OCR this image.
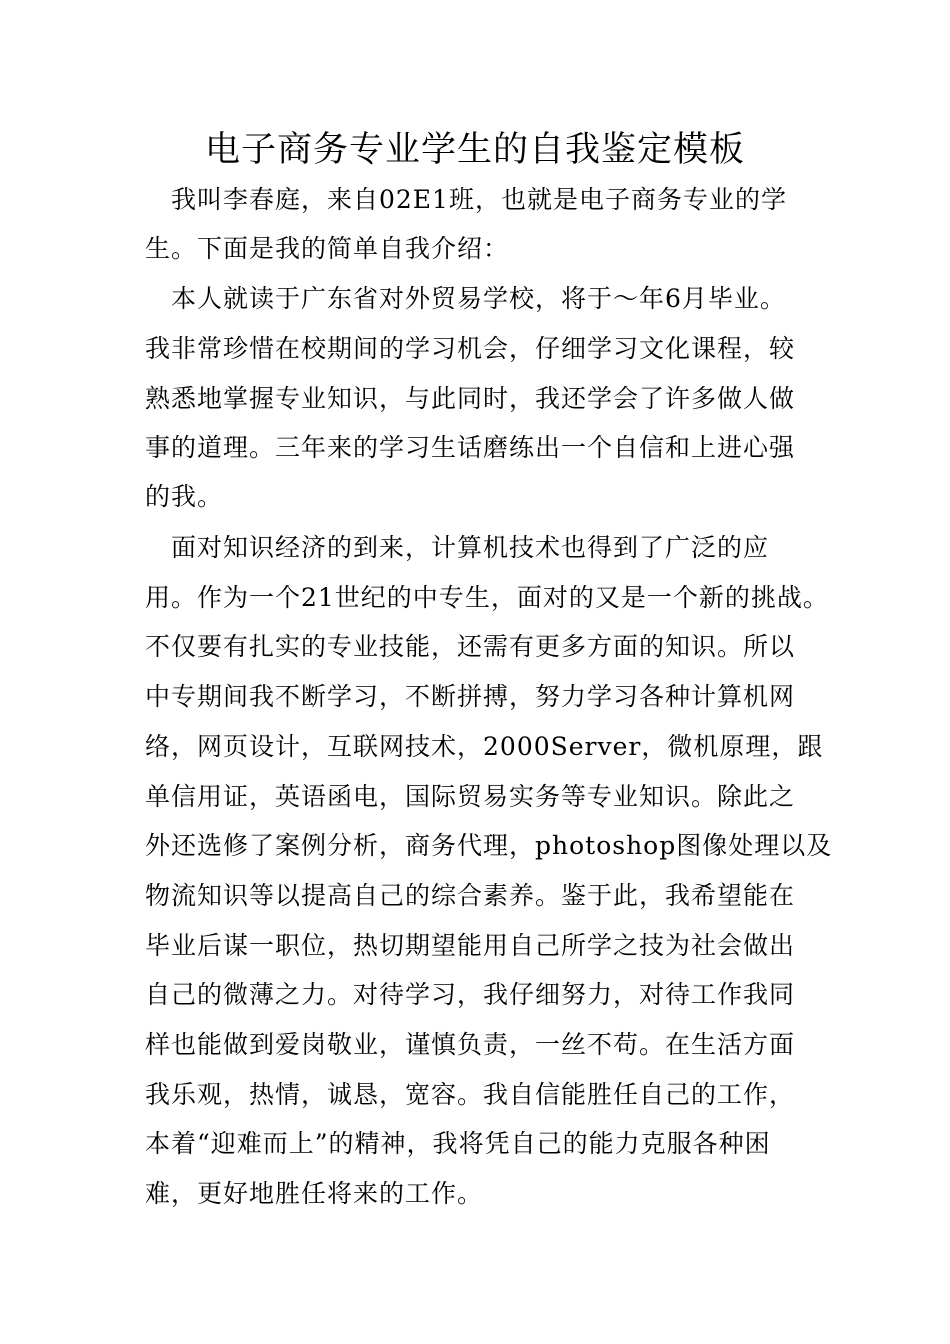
电子商务专业学生的自我鉴定模板
　我叫李春庭，来自02E1班，也就是电子商务专业的学
生。下面是我的简单自我介绍：
　本人就读于广东省对外贸易学校，将于～年6月毕业。
我非常珍惜在校期间的学习机会，仔细学习文化课程，较
熟悉地掌握专业知识，与此同时，我还学会了许多做人做
事的道理。三年来的学习生话磨练出一个自信和上进心强
的我。
　面对知识经济的到来，计算机技术也得到了广泛的应
用。作为一个21世纪的中专生，面对的又是一个新的挑战。
不仅要有扎实的专业技能，还需有更多方面的知识。所以
中专期间我不断学习，不断拼搏，努力学习各种计算机网
络，网页设计，互联网技术，2000Server，微机原理，跟
单信用证，英语函电，国际贸易实务等专业知识。除此之
外还选修了案例分析，商务代理，photoshop图像处理以及
物流知识等以提高自己的综合素养。鉴于此，我希望能在
毕业后谋一职位，热切期望能用自己所学之技为社会做出
自己的微薄之力。对待学习，我仔细努力，对待工作我同
样也能做到爱岗敬业，谨慎负责，一丝不苟。在生活方面
我乐观，热情，诚恳，宽容。我自信能胜任自己的工作，
本着“迎难而上”的精神，我将凭自己的能力克服各种困
难，更好地胜任将来的工作。
